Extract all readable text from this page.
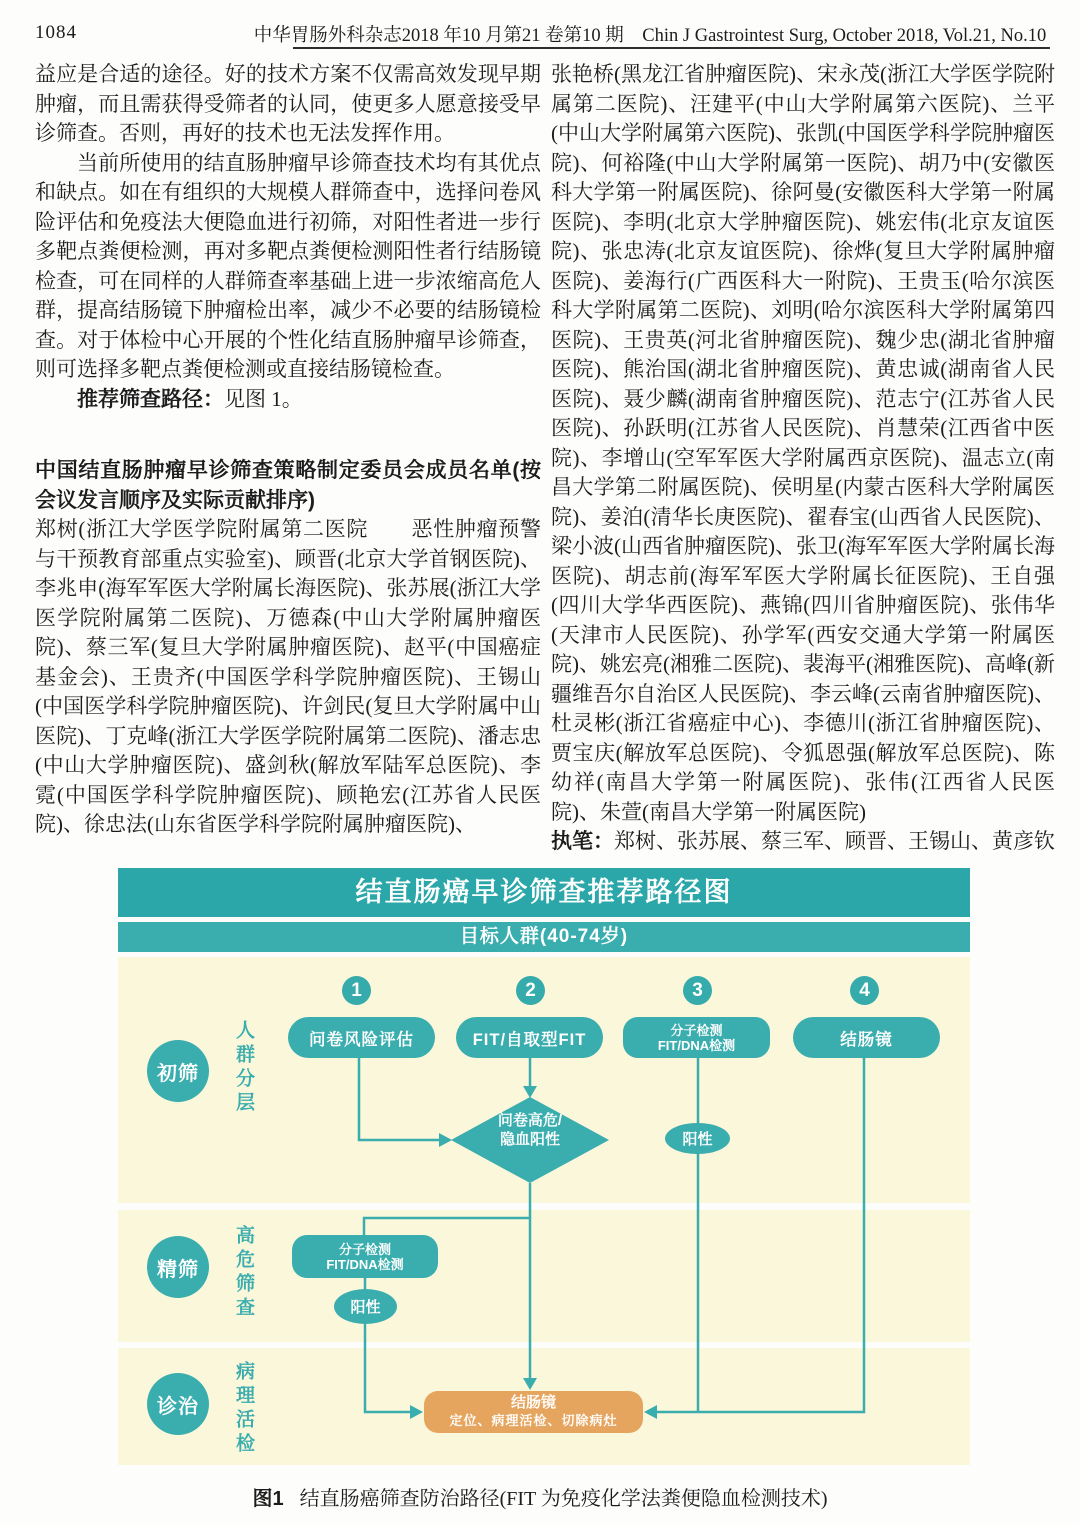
1084	中华胃肠外科杂志2018 年10 月第21 卷第10 期　Chin J Gastrointest Surg, October 2018, Vol.21, No.10

益应是合适的途径。好的技术方案不仅需高效发现早期肿瘤，而且需获得受筛者的认同，使更多人愿意接受早诊筛查。否则，再好的技术也无法发挥作用。

当前所使用的结直肠肿瘤早诊筛查技术均有其优点和缺点。如在有组织的大规模人群筛查中，选择问卷风险评估和免疫法大便隐血进行初筛，对阳性者进一步行多靶点粪便检测，再对多靶点粪便检测阳性者行结肠镜检查，可在同样的人群筛查率基础上进一步浓缩高危人群，提高结肠镜下肿瘤检出率，减少不必要的结肠镜检查。对于体检中心开展的个性化结直肠肿瘤早诊筛查，则可选择多靶点粪便检测或直接结肠镜检查。

推荐筛查路径：见图 1。

中国结直肠肿瘤早诊筛查策略制定委员会成员名单(按会议发言顺序及实际贡献排序)

郑树(浙江大学医学院附属第二医院　　恶性肿瘤预警与干预教育部重点实验室)、顾晋(北京大学首钢医院)、李兆申(海军军医大学附属长海医院)、张苏展(浙江大学医学院附属第二医院)、万德森(中山大学附属肿瘤医院)、蔡三军(复旦大学附属肿瘤医院)、赵平(中国癌症基金会)、王贵齐(中国医学科学院肿瘤医院)、王锡山(中国医学科学院肿瘤医院)、许剑民(复旦大学附属中山医院)、丁克峰(浙江大学医学院附属第二医院)、潘志忠(中山大学肿瘤医院)、盛剑秋(解放军陆军总医院)、李霓(中国医学科学院肿瘤医院)、顾艳宏(江苏省人民医院)、徐忠法(山东省医学科学院附属肿瘤医院)、

张艳桥(黑龙江省肿瘤医院)、宋永茂(浙江大学医学院附属第二医院)、汪建平(中山大学附属第六医院)、兰平(中山大学附属第六医院)、张凯(中国医学科学院肿瘤医院)、何裕隆(中山大学附属第一医院)、胡乃中(安徽医科大学第一附属医院)、徐阿曼(安徽医科大学第一附属医院)、李明(北京大学肿瘤医院)、姚宏伟(北京友谊医院)、张忠涛(北京友谊医院)、徐烨(复旦大学附属肿瘤医院)、姜海行(广西医科大一附院)、王贵玉(哈尔滨医科大学附属第二医院)、刘明(哈尔滨医科大学附属第四医院)、王贵英(河北省肿瘤医院)、魏少忠(湖北省肿瘤医院)、熊治国(湖北省肿瘤医院)、黄忠诚(湖南省人民医院)、聂少麟(湖南省肿瘤医院)、范志宁(江苏省人民医院)、孙跃明(江苏省人民医院)、肖慧荣(江西省中医院)、李增山(空军军医大学附属西京医院)、温志立(南昌大学第二附属医院)、侯明星(内蒙古医科大学附属医院)、姜泊(清华长庚医院)、翟春宝(山西省人民医院)、梁小波(山西省肿瘤医院)、张卫(海军军医大学附属长海医院)、胡志前(海军军医大学附属长征医院)、王自强(四川大学华西医院)、燕锦(四川省肿瘤医院)、张伟华(天津市人民医院)、孙学军(西安交通大学第一附属医院)、姚宏亮(湘雅二医院)、裴海平(湘雅医院)、高峰(新疆维吾尔自治区人民医院)、李云峰(云南省肿瘤医院)、杜灵彬(浙江省癌症中心)、李德川(浙江省肿瘤医院)、贾宝庆(解放军总医院)、令狐恩强(解放军总医院)、陈幼祥(南昌大学第一附属医院)、张伟(江西省人民医院)、朱萱(南昌大学第一附属医院)

执笔：郑树、张苏展、蔡三军、顾晋、王锡山、黄彦钦

结直肠癌早诊筛查推荐路径图
目标人群(40-74岁)
1	2	3	4
初筛	人群分层	问卷风险评估	FIT/自取型FIT
分子检测
FIT/DNA检测	结肠镜
问卷高危/
隐血阳性	阳性
精筛	高危筛查	分子检测
FIT/DNA检测
阳性
诊治	病理活检	结肠镜
定位、病理活检、切除病灶
图1 结直肠癌筛查防治路径(FIT 为免疫化学法粪便隐血检测技术)
